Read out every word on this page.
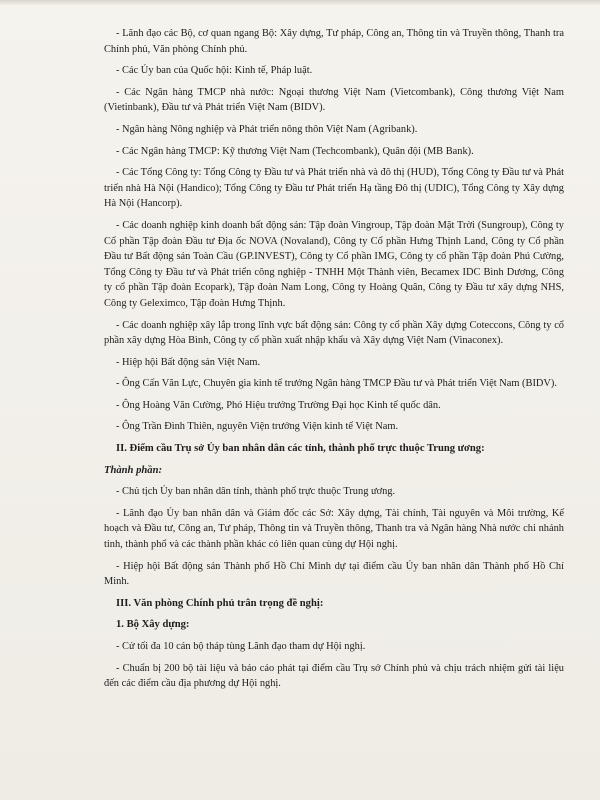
- Lãnh đạo các Bộ, cơ quan ngang Bộ: Xây dựng, Tư pháp, Công an, Thông tin và Truyền thông, Thanh tra Chính phủ, Văn phòng Chính phủ.

- Các Ủy ban của Quốc hội: Kinh tế, Pháp luật.

- Các Ngân hàng TMCP nhà nước: Ngoại thương Việt Nam (Vietcombank), Công thương Việt Nam (Vietinbank), Đầu tư và Phát triển Việt Nam (BIDV).

- Ngân hàng Nông nghiệp và Phát triển nông thôn Việt Nam (Agribank).

- Các Ngân hàng TMCP: Kỹ thương Việt Nam (Techcombank), Quân đội (MB Bank).

- Các Tổng Công ty: Tổng Công ty Đầu tư và Phát triển nhà và đô thị (HUD), Tổng Công ty Đầu tư và Phát triển nhà Hà Nội (Handico); Tổng Công ty Đầu tư Phát triển Hạ tầng Đô thị (UDIC), Tổng Công ty Xây dựng Hà Nội (Hancorp).

- Các doanh nghiệp kinh doanh bất động sản: Tập đoàn Vingroup, Tập đoàn Mặt Trời (Sungroup), Công ty Cổ phần Tập đoàn Đầu tư Địa ốc NOVA (Novaland), Công ty Cổ phần Hưng Thịnh Land, Công ty Cổ phần Đầu tư Bất động sản Toàn Cầu (GP.INVEST), Công ty Cổ phần IMG, Công ty cổ phần Tập đoàn Phú Cường, Tổng Công ty Đầu tư và Phát triển công nghiệp - TNHH Một Thành viên, Becamex IDC Bình Dương, Công ty cổ phần Tập đoàn Ecopark), Tập đoàn Nam Long, Công ty Hoàng Quân, Công ty Đầu tư xây dựng NHS, Công ty Geleximco, Tập đoàn Hưng Thịnh.

- Các doanh nghiệp xây lắp trong lĩnh vực bất động sản: Công ty cổ phần Xây dựng Coteccons, Công ty cổ phần xây dựng Hòa Bình, Công ty cổ phần xuất nhập khẩu và Xây dựng Việt Nam (Vinaconex).

- Hiệp hội Bất động sản Việt Nam.

- Ông Cấn Văn Lực, Chuyên gia kinh tế trưởng Ngân hàng TMCP Đầu tư và Phát triển Việt Nam (BIDV).

- Ông Hoàng Văn Cường, Phó Hiệu trưởng Trường Đại học Kinh tế quốc dân.

- Ông Trần Đình Thiên, nguyên Viện trưởng Viện kinh tế Việt Nam.

II. Điểm cầu Trụ sở Ủy ban nhân dân các tỉnh, thành phố trực thuộc Trung ương:

Thành phần:

- Chủ tịch Ủy ban nhân dân tỉnh, thành phố trực thuộc Trung ương.

- Lãnh đạo Ủy ban nhân dân và Giám đốc các Sở: Xây dựng, Tài chính, Tài nguyên và Môi trường, Kế hoạch và Đầu tư, Công an, Tư pháp, Thông tin và Truyền thông, Thanh tra và Ngân hàng Nhà nước chi nhánh tỉnh, thành phố và các thành phần khác có liên quan cùng dự Hội nghị.

- Hiệp hội Bất động sản Thành phố Hồ Chí Minh dự tại điểm cầu Ủy ban nhân dân Thành phố Hồ Chí Minh.

III. Văn phòng Chính phủ trân trọng đề nghị:

1. Bộ Xây dựng:

- Cử tối đa 10 cán bộ tháp tùng Lãnh đạo tham dự Hội nghị.

- Chuẩn bị 200 bộ tài liệu và báo cáo phát tại điểm cầu Trụ sở Chính phủ và chịu trách nhiệm gửi tài liệu đến các điểm cầu địa phương dự Hội nghị.
